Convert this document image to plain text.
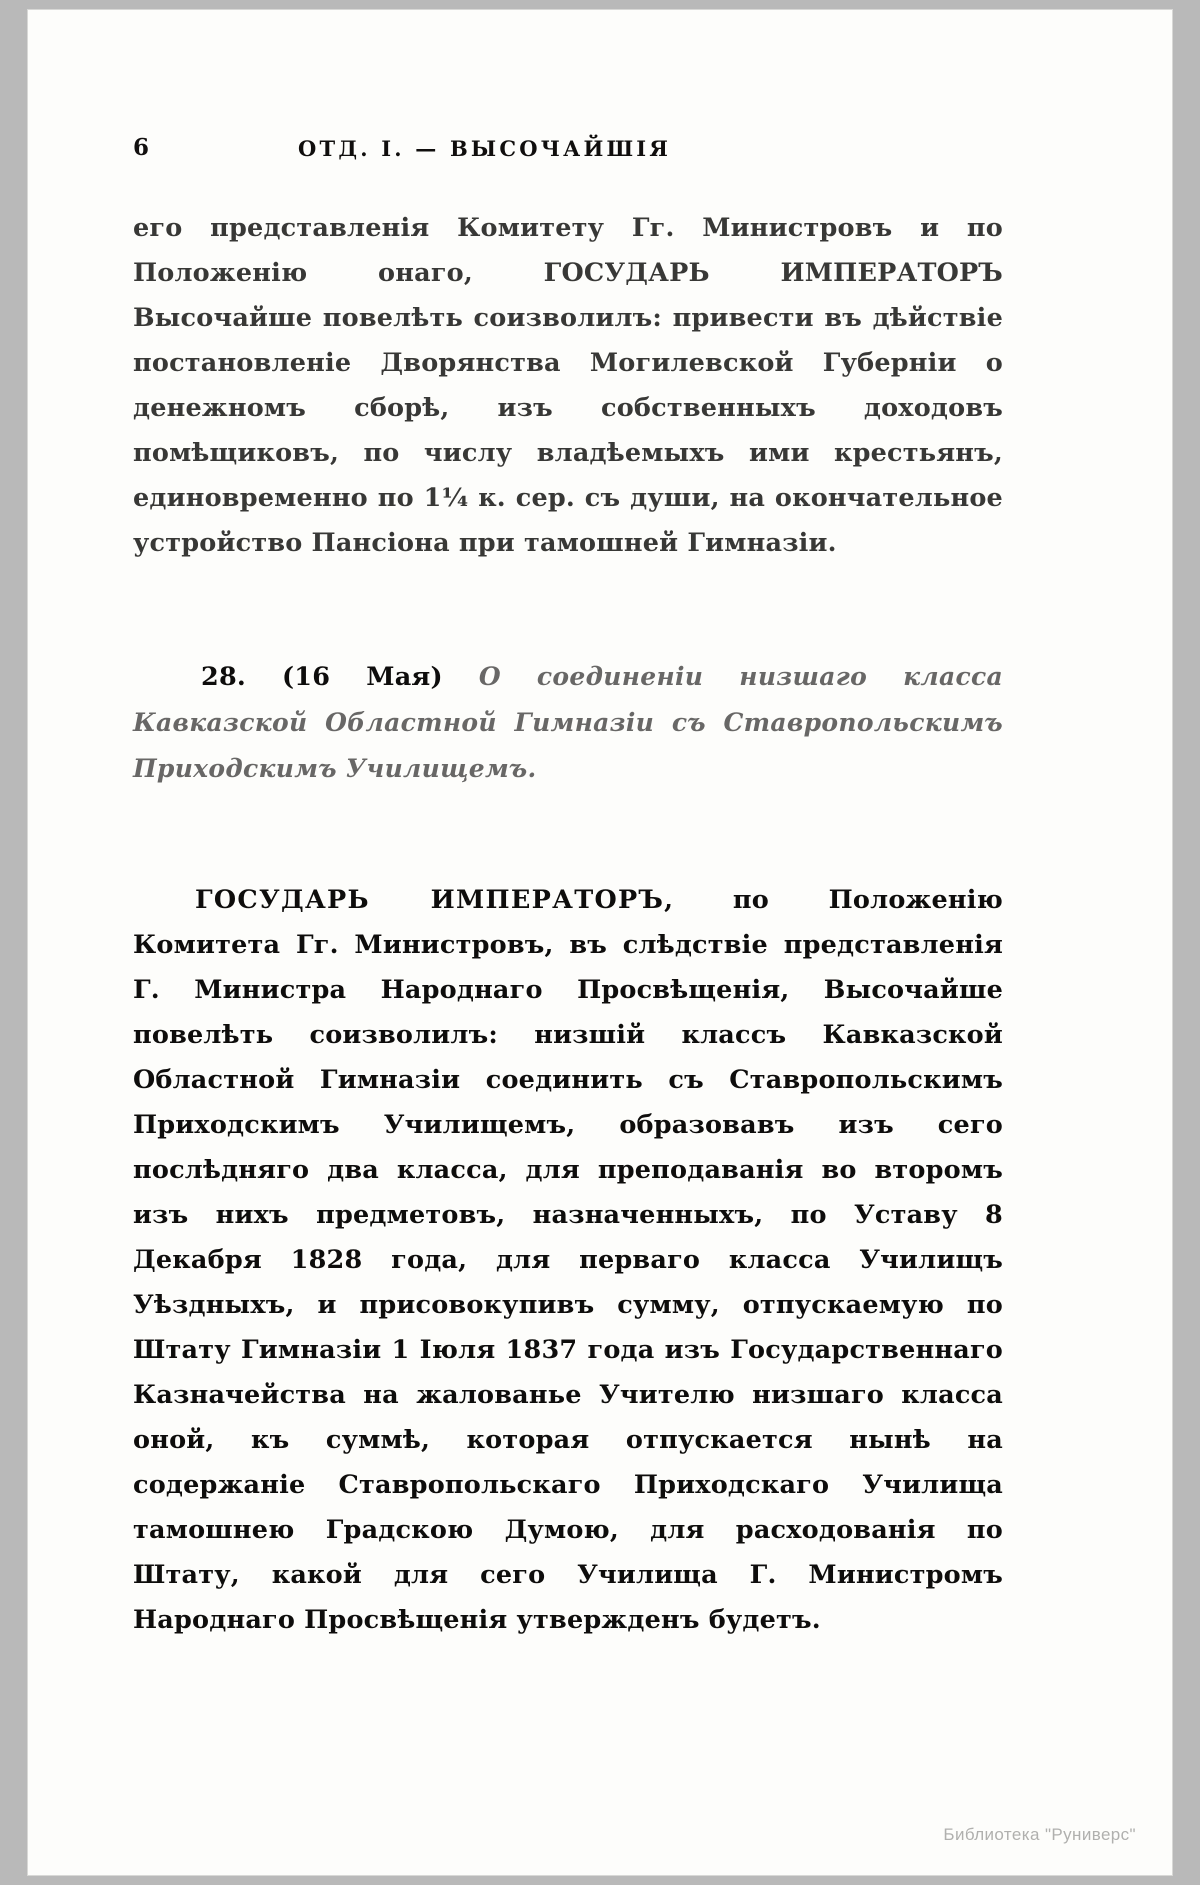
6	ОТД. I. — ВЫСОЧАЙШІЯ

его представленія Комитету Гг. Министровъ и по Положенію онаго, ГОСУДАРЬ ИМПЕРАТОРЪ Высочайше повелѣть соизволилъ: привести въ дѣйствіе постановленіе Дворянства Могилевской Губерніи о денежномъ сборѣ, изъ собственныхъ доходовъ помѣщиковъ, по числу владѣемыхъ ими крестьянъ, единовременно по 1¼ к. сер. съ души, на окончательное устройство Пансіона при тамошней Гимназіи.

28. (16 Мая) О соединеніи низшаго класса Кавказской Областной Гимназіи съ Ставропольскимъ Приходскимъ Училищемъ.

ГОСУДАРЬ ИМПЕРАТОРЪ, по Положенію Комитета Гг. Министровъ, въ слѣдствіе представленія Г. Министра Народнаго Просвѣщенія, Высочайше повелѣть соизволилъ: низшій классъ Кавказской Областной Гимназіи соединить съ Ставропольскимъ Приходскимъ Училищемъ, образовавъ изъ сего послѣдняго два класса, для преподаванія во второмъ изъ нихъ предметовъ, назначенныхъ, по Уставу 8 Декабря 1828 года, для перваго класса Училищъ Уѣздныхъ, и присовокупивъ сумму, отпускаемую по Штату Гимназіи 1 Іюля 1837 года изъ Государственнаго Казначейства на жалованье Учителю низшаго класса оной, къ суммѣ, которая отпускается нынѣ на содержаніе Ставропольскаго Приходскаго Училища тамошнею Градскою Думою, для расходованія по Штату, какой для сего Училища Г. Министромъ Народнаго Просвѣщенія утвержденъ будетъ.

Библиотека "Руниверс"
